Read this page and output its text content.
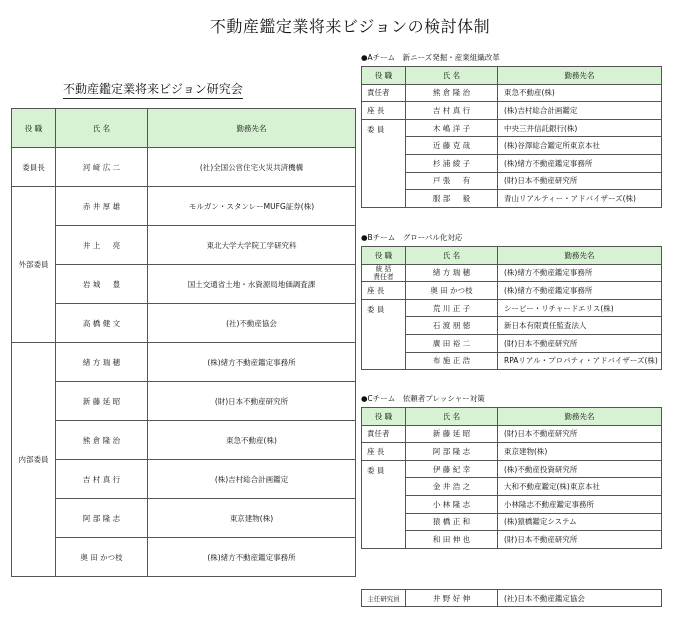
不動産鑑定業将来ビジョンの検討体制
不動産鑑定業将来ビジョン研究会
役 職	氏 名	勤務先名
委員長	河 﨑 広 二	(社)全国公営住宅火災共済機構
外部委員	赤 井 厚 雄	モルガン・スタンレーMUFG証券(株)
	井 上 　 亮	東北大学大学院工学研究科
	岩 城 　 豊	国土交通省土地・水資源局地価調査課
	高 橋 健 文	(社)不動産協会
内部委員	緒 方 瑞 穂	(株)緒方不動産鑑定事務所
	新 藤 延 昭	(財)日本不動産研究所
	熊 倉 隆 治	東急不動産(株)
	吉 村 真 行	(株)吉村総合計画鑑定
	阿 部 隆 志	東京建物(株)
	奥 田 かつ枝	(株)緒方不動産鑑定事務所
●Aチーム　新ニーズ発掘・産業組織改革
役 職	氏 名	勤務先名
責任者	熊 倉 隆 治	東急不動産(株)
座 長	吉 村 真 行	(株)吉村総合計画鑑定
委 員	木 嶋 洋 子	中央三井信託銀行(株)
	近 藤 克 哉	(株)谷澤総合鑑定所東京本社
	杉 浦 綾 子	(株)緒方不動産鑑定事務所
	戸 張 　 有	(財)日本不動産研究所
	服 部 　 毅	青山リアルティー・アドバイザーズ(株)
●Bチーム　グローバル化対応
役 職	氏 名	勤務先名
統 括
責任者	緒 方 瑞 穂	(株)緒方不動産鑑定事務所
座 長	奥 田 かつ枝	(株)緒方不動産鑑定事務所
委 員	荒 川 正 子	シービー・リチャードエリス(株)
	石 渡 朋 徳	新日本有限責任監査法人
	廣 田 裕 二	(財)日本不動産研究所
	布 施 正 浩	RPAリアル・プロパティ・アドバイザーズ(株)
●Cチーム　依頼者プレッシャー対策
役 職	氏 名	勤務先名
責任者	新 藤 延 昭	(財)日本不動産研究所
座 長	阿 部 隆 志	東京建物(株)
委 員	伊 藤 紀 幸	(株)不動産投資研究所
	金 井 浩 之	大和不動産鑑定(株)東京本社
	小 林 隆 志	小林隆志不動産鑑定事務所
	猿 橋 正 和	(株)猿橋鑑定システム
	和 田 伸 也	(財)日本不動産研究所
主任研究員	井 野 好 伸	(社)日本不動産鑑定協会
